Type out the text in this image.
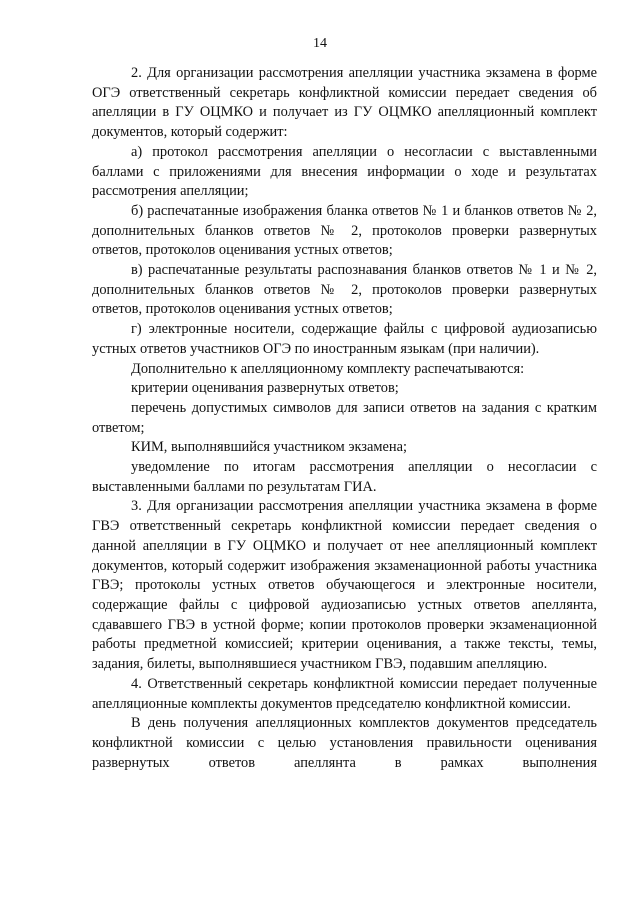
14

2. Для организации рассмотрения апелляции участника экзамена в форме ОГЭ ответственный секретарь конфликтной комиссии передает сведения об апелляции в ГУ ОЦМКО и получает из ГУ ОЦМКО апелляционный комплект документов, который содержит:

а) протокол рассмотрения апелляции о несогласии с выставленными баллами с приложениями для внесения информации о ходе и результатах рассмотрения апелляции;

б) распечатанные изображения бланка ответов № 1 и бланков ответов № 2, дополнительных бланков ответов № 2, протоколов проверки развернутых ответов, протоколов оценивания устных ответов;

в) распечатанные результаты распознавания бланков ответов № 1 и № 2, дополнительных бланков ответов № 2, протоколов проверки развернутых ответов, протоколов оценивания устных ответов;

г) электронные носители, содержащие файлы с цифровой аудиозаписью устных ответов участников ОГЭ по иностранным языкам (при наличии).

Дополнительно к апелляционному комплекту распечатываются:

критерии оценивания развернутых ответов;

перечень допустимых символов для записи ответов на задания с кратким ответом;

КИМ, выполнявшийся участником экзамена;

уведомление по итогам рассмотрения апелляции о несогласии с выставленными баллами по результатам ГИА.

3. Для организации рассмотрения апелляции участника экзамена в форме ГВЭ ответственный секретарь конфликтной комиссии передает сведения о данной апелляции в ГУ ОЦМКО и получает от нее апелляционный комплект документов, который содержит изображения экзаменационной работы участника ГВЭ; протоколы устных ответов обучающегося и электронные носители, содержащие файлы с цифровой аудиозаписью устных ответов апеллянта, сдававшего ГВЭ в устной форме; копии протоколов проверки экзаменационной работы предметной комиссией; критерии оценивания, а также тексты, темы, задания, билеты, выполнявшиеся участником ГВЭ, подавшим апелляцию.

4. Ответственный секретарь конфликтной комиссии передает полученные апелляционные комплекты документов председателю конфликтной комиссии.

В день получения апелляционных комплектов документов председатель конфликтной комиссии с целью установления правильности оценивания развернутых ответов апеллянта в рамках выполнения
